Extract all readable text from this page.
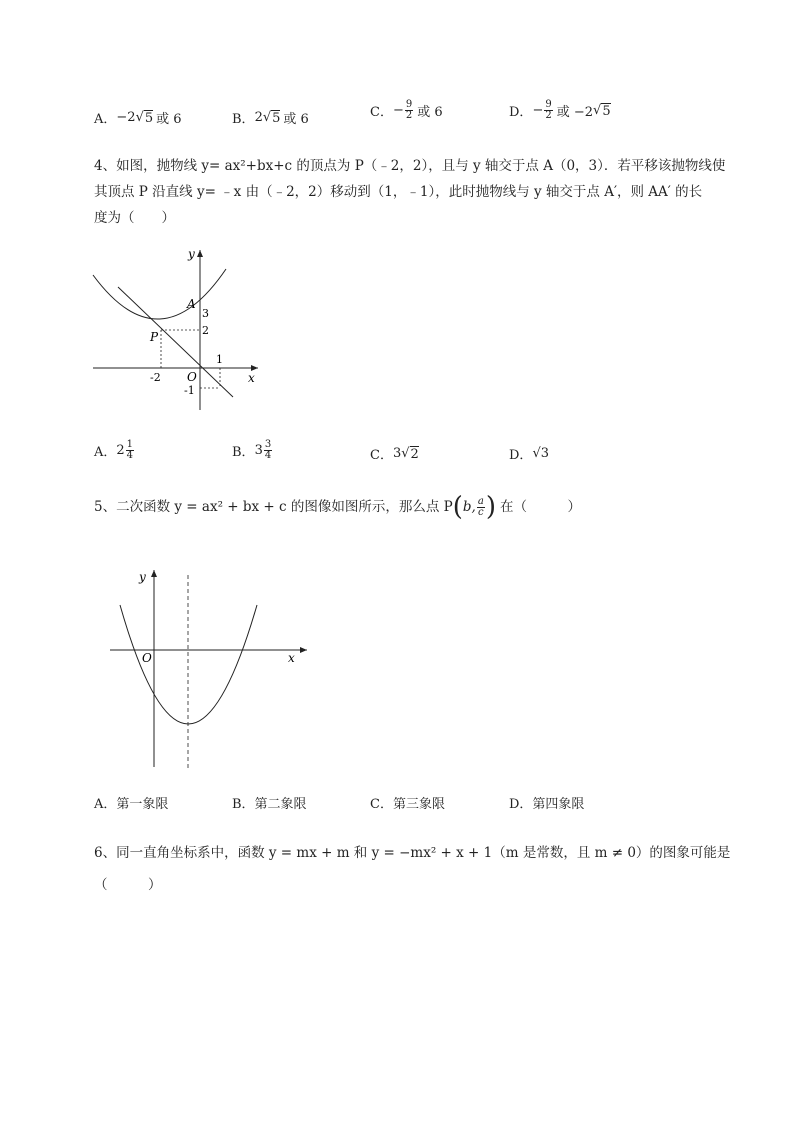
A． −2 √ 5 或 6	B． 2 √ 5 或 6	C． − $\frac{9}{2}$ 或 6	D． − $\frac{9}{2}$ 或 −2 √ 5
4、如图，抛物线 y= ax²+bx+c 的顶点为 P（﹣2，2），且与 y 轴交于点 A（0，3）．若平移该抛物线使
其顶点 P 沿直线 y= ﹣x 由（﹣2，2）移动到（1，﹣1），此时抛物线与 y 轴交于点 A′，则 AA′ 的长
度为（　　）
y
x
A
P
O
3
2
1
-2
-1
A． $2 \frac{1}{4}$	B． $3 \frac{3}{4}$	C． 3 √ 2	D． √3
5、二次函数 y = ax² + bx + c 的图像如图所示，那么点 P ( b, $\frac{a}{c}$ ) 在（　　　）
y
x
O
A．第一象限	B．第二象限	C．第三象限	D．第四象限
6、同一直角坐标系中，函数 y = mx + m 和 y = −mx² + x + 1（m 是常数，且 m ≠ 0）的图象可能是
（　　　）
